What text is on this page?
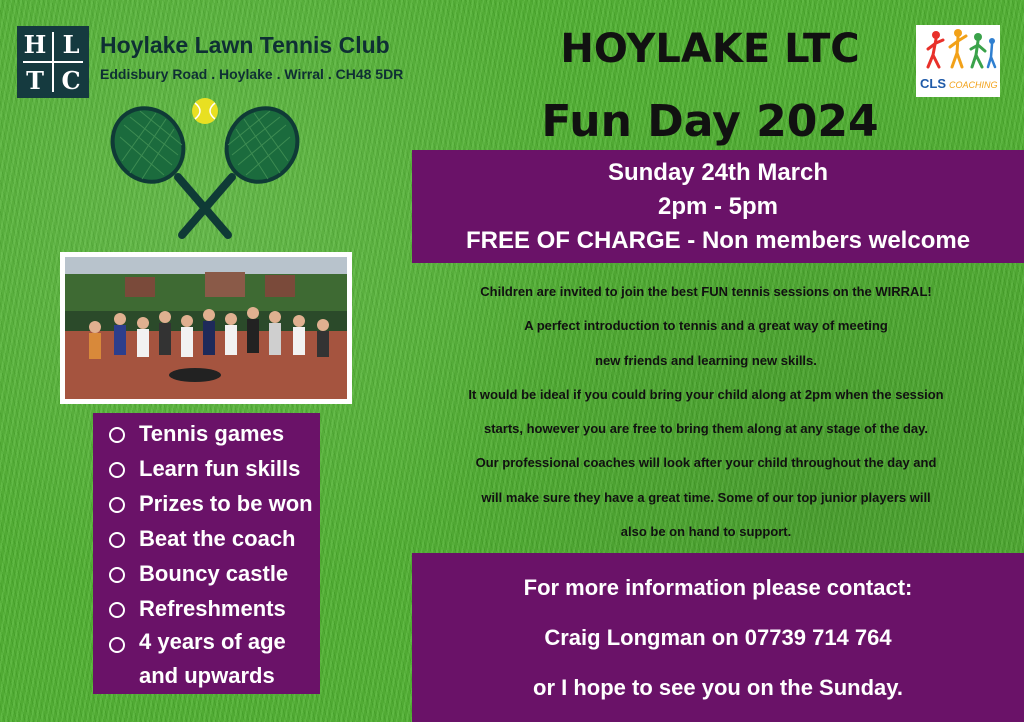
H L
T C
Hoylake Lawn Tennis Club
Eddisbury Road . Hoylake . Wirral . CH48 5DR
HOYLAKE LTC
Fun Day 2024
CLS COACHING
Sunday 24th March
2pm - 5pm
FREE OF CHARGE - Non members welcome
Tennis games
Learn fun skills
Prizes to be won
Beat the coach
Bouncy castle
Refreshments
4 years of age and upwards
Children are invited to join the best FUN tennis sessions on the WIRRAL!
A perfect introduction to tennis and a great way of meeting
new friends and learning new skills.
It would be ideal if you could bring your child along at 2pm when the session
starts, however you are free to bring them along at any stage of the day.
Our professional coaches will look after your child throughout the day and
will make sure they have a great time. Some of our top junior players will
also be on hand to support.
For more information please contact:
Craig Longman on 07739 714 764
or I hope to see you on the Sunday.
